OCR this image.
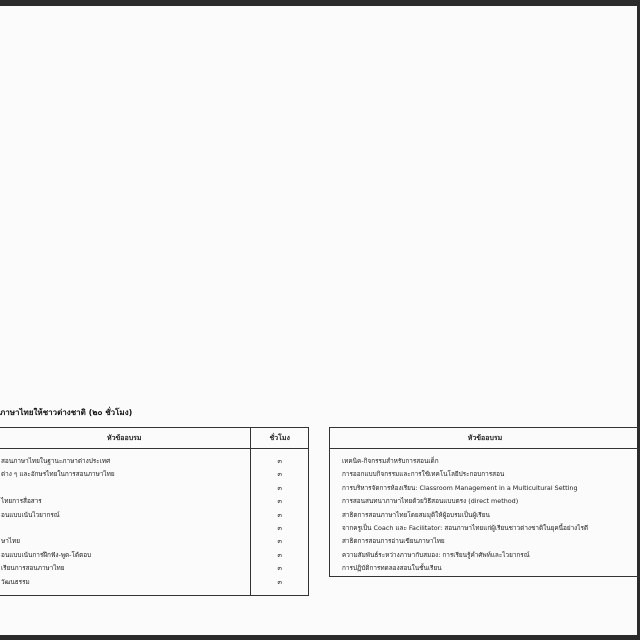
ภาษาไทยให้ชาวต่างชาติ (๒๐ ชั่วโมง)
หัวข้ออบรม	ชั่วโมง

สอนภาษาไทยในฐานะภาษาต่างประเทศ	๓
ต่าง ๆ และอักษรไทยในการสอนภาษาไทย	๓
	๓
ไทยการสื่อสาร	๓
อนแบบเน้นไวยากรณ์	๓
	๓
ษาไทย	๓
อนแบบเน้นการฝึกฟัง-พูด-โต้ตอบ	๓
เรียนการสอนภาษาไทย	๓
วัฒนธรรม	๓

หัวข้ออบรม

เทคนิค-กิจกรรมสำหรับการสอนเด็ก
การออกแบบกิจกรรมและการใช้เทคโนโลยีประกอบการสอน
การบริหารจัดการห้องเรียน: Classroom Management in a Multicultural Setting
การสอนสนทนาภาษาไทยด้วยวิธีสอนแบบตรง (direct method)
สาธิตการสอนภาษาไทยโดยสมมุติให้ผู้อบรมเป็นผู้เรียน
จากครูเป็น Coach และ Facilitator: สอนภาษาไทยแก่ผู้เรียนชาวต่างชาติในยุคนี้อย่างไรดี
สาธิตการสอนการอ่านเขียนภาษาไทย
ความสัมพันธ์ระหว่างภาษากับสมอง: การเรียนรู้คำศัพท์และไวยากรณ์
การปฏิบัติการทดลองสอนในชั้นเรียน
